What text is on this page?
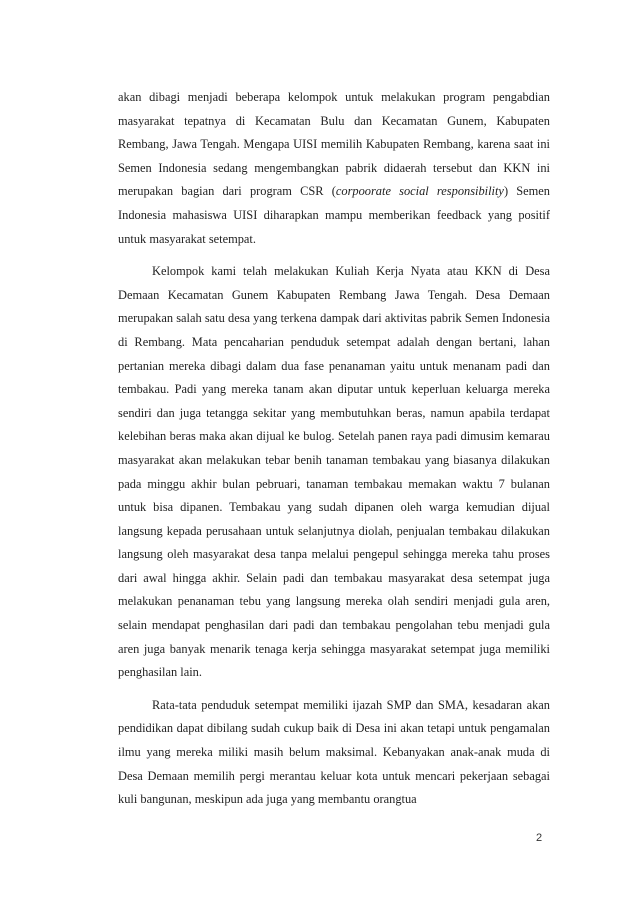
akan dibagi menjadi beberapa kelompok untuk melakukan program pengabdian masyarakat tepatnya di Kecamatan Bulu dan Kecamatan Gunem, Kabupaten Rembang, Jawa Tengah. Mengapa UISI memilih Kabupaten Rembang, karena saat ini Semen Indonesia sedang mengembangkan pabrik didaerah tersebut dan KKN ini merupakan bagian dari program CSR (corpoorate social responsibility) Semen Indonesia mahasiswa UISI diharapkan mampu memberikan feedback yang positif untuk masyarakat setempat.

Kelompok kami telah melakukan Kuliah Kerja Nyata atau KKN di Desa Demaan Kecamatan Gunem Kabupaten Rembang Jawa Tengah. Desa Demaan merupakan salah satu desa yang terkena dampak dari aktivitas pabrik Semen Indonesia di Rembang. Mata pencaharian penduduk setempat adalah dengan bertani, lahan pertanian mereka dibagi dalam dua fase penanaman yaitu untuk menanam padi dan tembakau. Padi yang mereka tanam akan diputar untuk keperluan keluarga mereka sendiri dan juga tetangga sekitar yang membutuhkan beras, namun apabila terdapat kelebihan beras maka akan dijual ke bulog. Setelah panen raya padi dimusim kemarau masyarakat akan melakukan tebar benih tanaman tembakau yang biasanya dilakukan pada minggu akhir bulan pebruari, tanaman tembakau memakan waktu 7 bulanan untuk bisa dipanen. Tembakau yang sudah dipanen oleh warga kemudian dijual langsung kepada perusahaan untuk selanjutnya diolah, penjualan tembakau dilakukan langsung oleh masyarakat desa tanpa melalui pengepul sehingga mereka tahu proses dari awal hingga akhir. Selain padi dan tembakau masyarakat desa setempat juga melakukan penanaman tebu yang langsung mereka olah sendiri menjadi gula aren, selain mendapat penghasilan dari padi dan tembakau pengolahan tebu menjadi gula aren juga banyak menarik tenaga kerja sehingga masyarakat setempat juga memiliki penghasilan lain.

Rata-tata penduduk setempat memiliki ijazah SMP dan SMA, kesadaran akan pendidikan dapat dibilang sudah cukup baik di Desa ini akan tetapi untuk pengamalan ilmu yang mereka miliki masih belum maksimal. Kebanyakan anak-anak muda di Desa Demaan memilih pergi merantau keluar kota untuk mencari pekerjaan sebagai kuli bangunan, meskipun ada juga yang membantu orangtua

2
